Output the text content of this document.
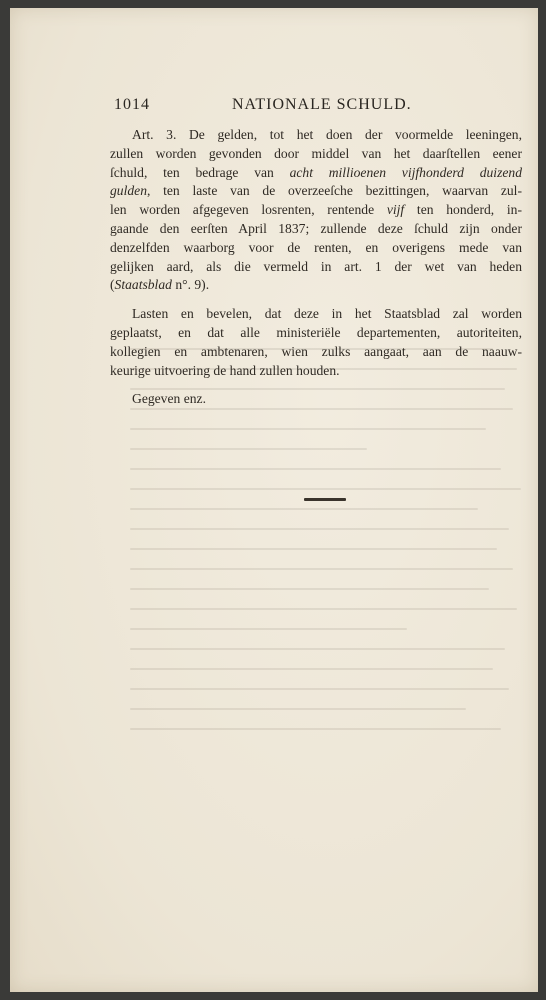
1014	NATIONALE SCHULD.

Art. 3. De gelden, tot het doen der voormelde leeningen,
zullen worden gevonden door middel van het daarſtellen eener
ſchuld, ten bedrage van acht millioenen vijfhonderd duizend
gulden, ten laste van de overzeeſche bezittingen, waarvan zul-
len worden afgegeven losrenten, rentende vijf ten honderd, in-
gaande den eerſten April 1837; zullende deze ſchuld zijn onder
denzelfden waarborg voor de renten, en overigens mede van
gelijken aard, als die vermeld in art. 1 der wet van heden
(Staatsblad n°. 9).

Lasten en bevelen, dat deze in het Staatsblad zal worden
geplaatst, en dat alle ministeriële departementen, autoriteiten,
kollegien en ambtenaren, wien zulks aangaat, aan de naauw-
keurige uitvoering de hand zullen houden.

Gegeven enz.
